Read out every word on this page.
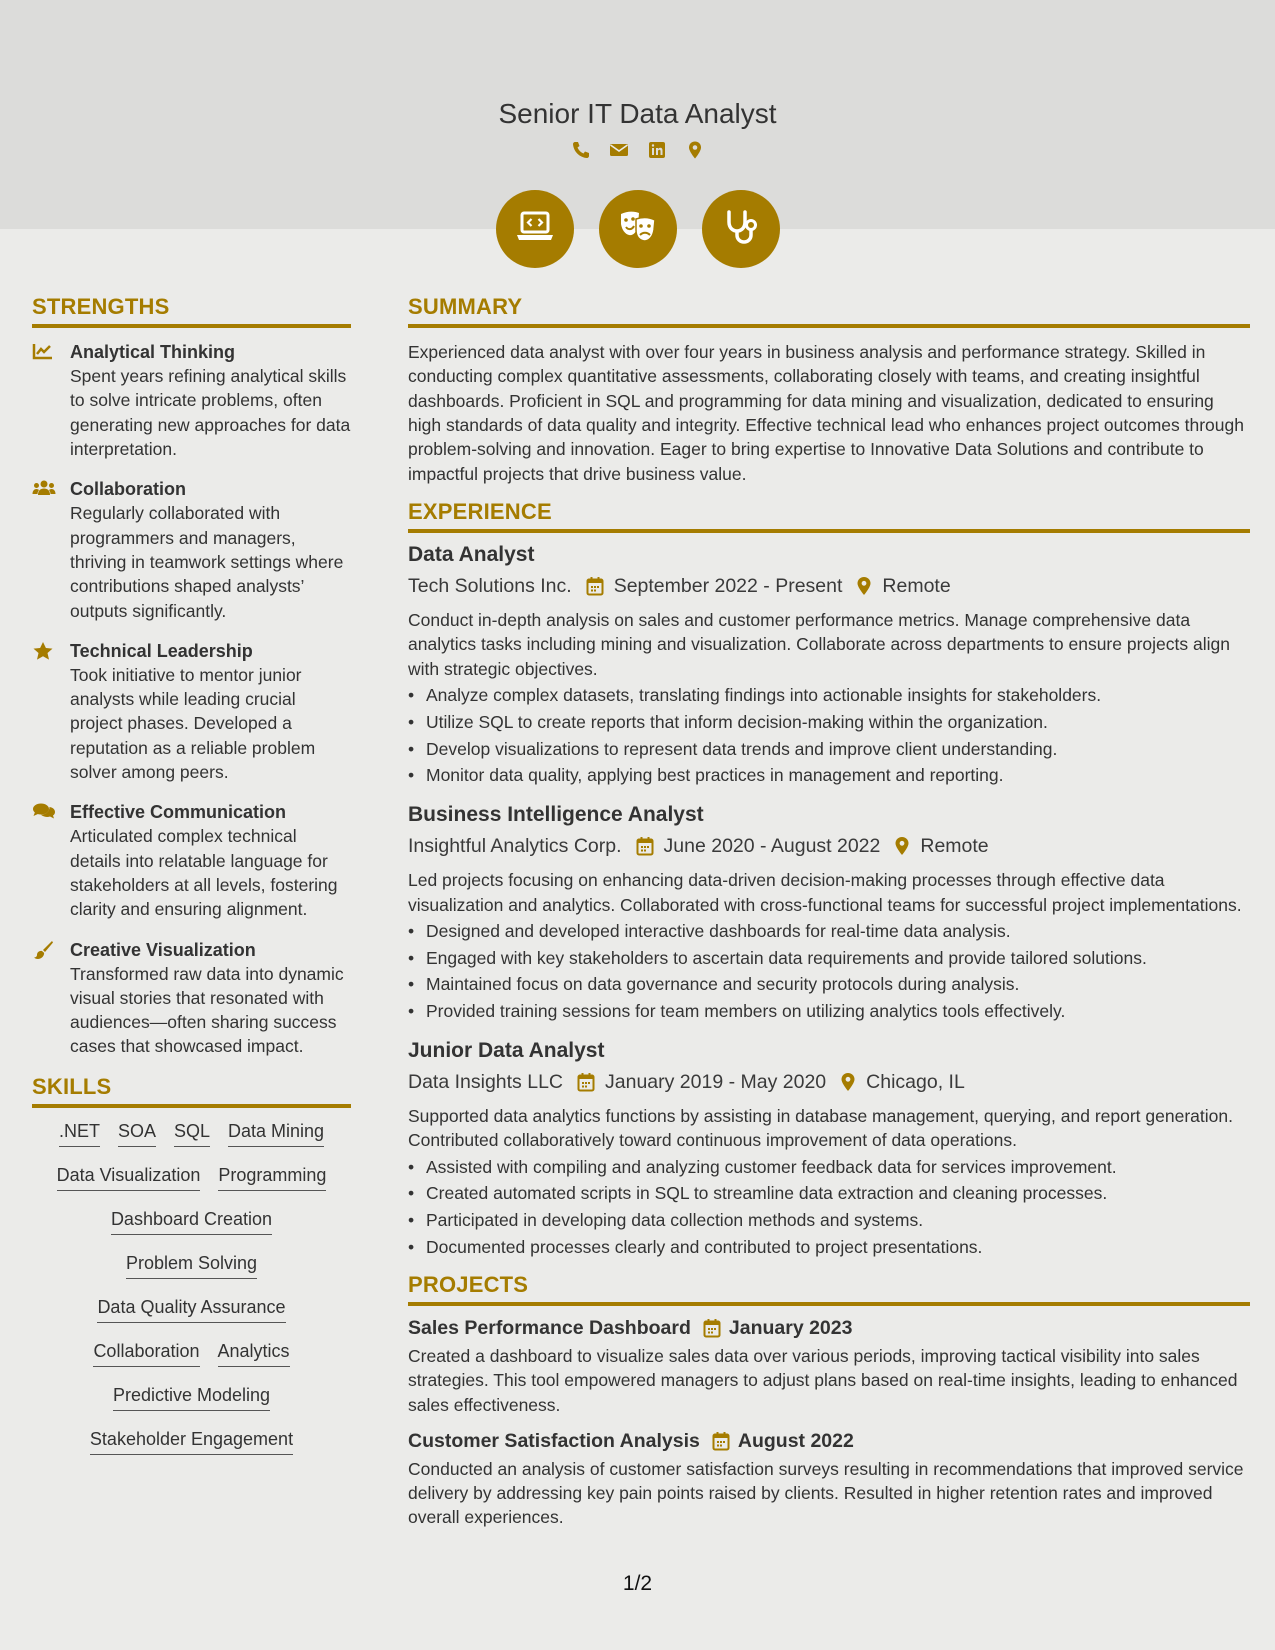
Senior IT Data Analyst
STRENGTHS
Analytical Thinking
Spent years refining analytical skills to solve intricate problems, often generating new approaches for data interpretation.
Collaboration
Regularly collaborated with programmers and managers, thriving in teamwork settings where contributions shaped analysts’ outputs significantly.
Technical Leadership
Took initiative to mentor junior analysts while leading crucial project phases. Developed a reputation as a reliable problem solver among peers.
Effective Communication
Articulated complex technical details into relatable language for stakeholders at all levels, fostering clarity and ensuring alignment.
Creative Visualization
Transformed raw data into dynamic visual stories that resonated with audiences—often sharing success cases that showcased impact.
SKILLS
.NET SOA SQL Data Mining
Data Visualization Programming
Dashboard Creation
Problem Solving
Data Quality Assurance
Collaboration Analytics
Predictive Modeling
Stakeholder Engagement
SUMMARY
Experienced data analyst with over four years in business analysis and performance strategy. Skilled in conducting complex quantitative assessments, collaborating closely with teams, and creating insightful dashboards. Proficient in SQL and programming for data mining and visualization, dedicated to ensuring high standards of data quality and integrity. Effective technical lead who enhances project outcomes through problem-solving and innovation. Eager to bring expertise to Innovative Data Solutions and contribute to impactful projects that drive business value.
EXPERIENCE
Data Analyst
Tech Solutions Inc. September 2022 - Present Remote
Conduct in-depth analysis on sales and customer performance metrics. Manage comprehensive data analytics tasks including mining and visualization. Collaborate across departments to ensure projects align with strategic objectives.
• Analyze complex datasets, translating findings into actionable insights for stakeholders.
• Utilize SQL to create reports that inform decision-making within the organization.
• Develop visualizations to represent data trends and improve client understanding.
• Monitor data quality, applying best practices in management and reporting.
Business Intelligence Analyst
Insightful Analytics Corp. June 2020 - August 2022 Remote
Led projects focusing on enhancing data-driven decision-making processes through effective data visualization and analytics. Collaborated with cross-functional teams for successful project implementations.
• Designed and developed interactive dashboards for real-time data analysis.
• Engaged with key stakeholders to ascertain data requirements and provide tailored solutions.
• Maintained focus on data governance and security protocols during analysis.
• Provided training sessions for team members on utilizing analytics tools effectively.
Junior Data Analyst
Data Insights LLC January 2019 - May 2020 Chicago, IL
Supported data analytics functions by assisting in database management, querying, and report generation. Contributed collaboratively toward continuous improvement of data operations.
• Assisted with compiling and analyzing customer feedback data for services improvement.
• Created automated scripts in SQL to streamline data extraction and cleaning processes.
• Participated in developing data collection methods and systems.
• Documented processes clearly and contributed to project presentations.
PROJECTS
Sales Performance Dashboard January 2023
Created a dashboard to visualize sales data over various periods, improving tactical visibility into sales strategies. This tool empowered managers to adjust plans based on real-time insights, leading to enhanced sales effectiveness.
Customer Satisfaction Analysis August 2022
Conducted an analysis of customer satisfaction surveys resulting in recommendations that improved service delivery by addressing key pain points raised by clients. Resulted in higher retention rates and improved overall experiences.
1/2
